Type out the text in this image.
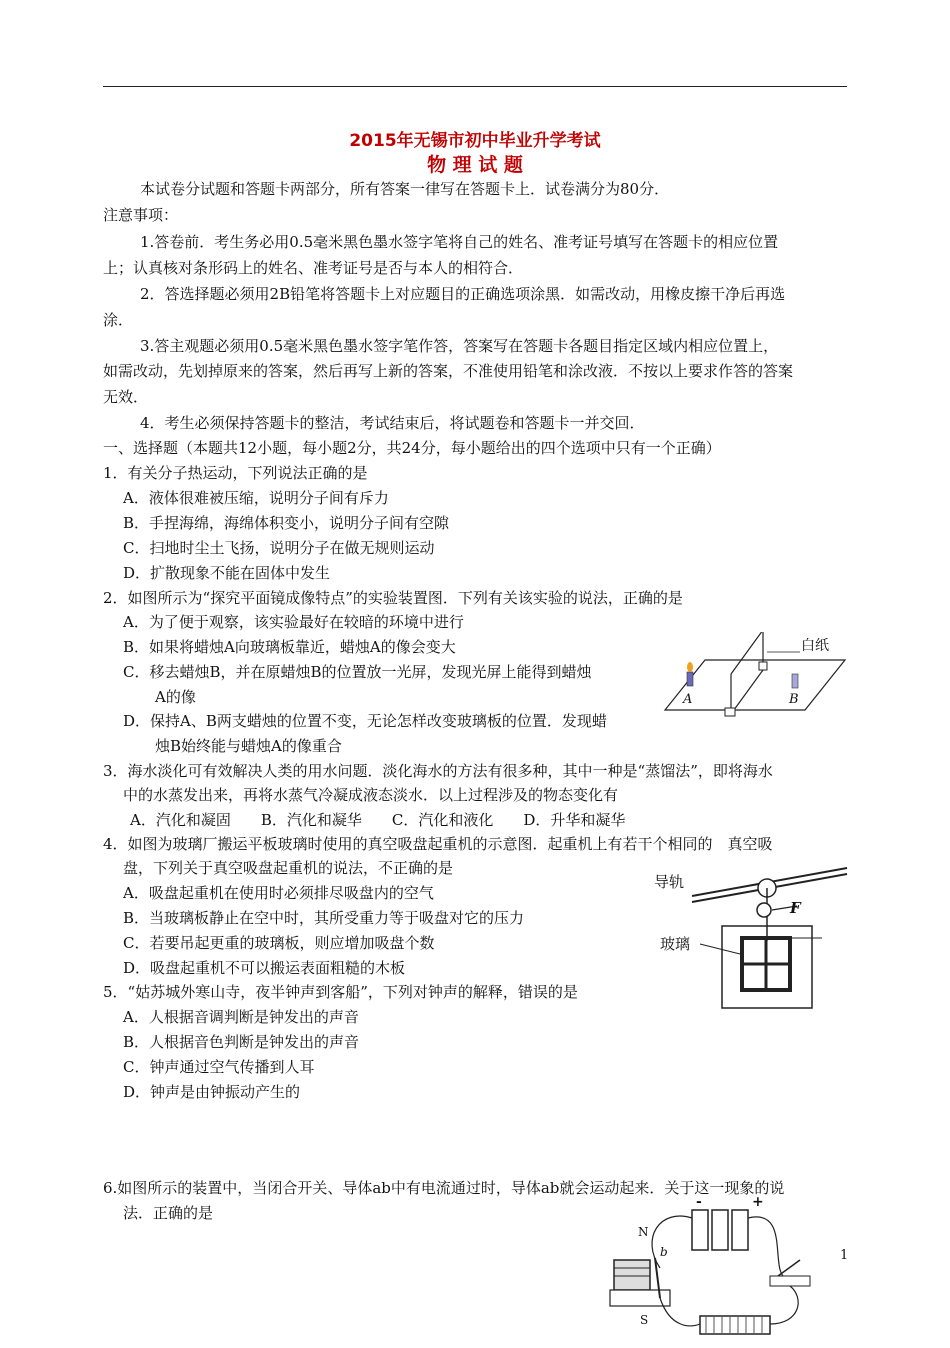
2015年无锡市初中毕业升学考试
物 理 试 题
本试卷分试题和答题卡两部分，所有答案一律写在答题卡上．试卷满分为80分．
注意事项：
1.答卷前．考生务必用0.5毫米黑色墨水签字笔将自己的姓名、准考证号填写在答题卡的相应位置
上；认真核对条形码上的姓名、准考证号是否与本人的相符合．
2．答选择题必须用2B铅笔将答题卡上对应题目的正确选项涂黑．如需改动，用橡皮擦干净后再选
涂．
3.答主观题必须用0.5毫米黑色墨水签字笔作答，答案写在答题卡各题目指定区域内相应位置上，
如需改动，先划掉原来的答案，然后再写上新的答案，不准使用铅笔和涂改液．不按以上要求作答的答案
无效．
4．考生必须保持答题卡的整洁，考试结束后，将试题卷和答题卡一并交回．
一、选择题（本题共12小题，每小题2分，共24分，每小题给出的四个选项中只有一个正确）
1．有关分子热运动，下列说法正确的是
A．液体很难被压缩，说明分子间有斥力
B．手捏海绵，海绵体积变小，说明分子间有空隙
C．扫地时尘土飞扬，说明分子在做无规则运动
D．扩散现象不能在固体中发生
2．如图所示为“探究平面镜成像特点”的实验装置图．下列有关该实验的说法，正确的是
A．为了便于观察，该实验最好在较暗的环境中进行
B．如果将蜡烛A向玻璃板靠近，蜡烛A的像会变大
C．移去蜡烛B，并在原蜡烛B的位置放一光屏，发现光屏上能得到蜡烛
A的像
D．保持A、B两支蜡烛的位置不变，无论怎样改变玻璃板的位置．发现蜡
烛B始终能与蜡烛A的像重合
白纸
A	B
3．海水淡化可有效解决人类的用水问题．淡化海水的方法有很多种，其中一种是“蒸馏法”，即将海水
中的水蒸发出来，再将水蒸气冷凝成液态淡水．以上过程涉及的物态变化有
A．汽化和凝固　　B．汽化和凝华　　C．汽化和液化　　D．升华和凝华
4．如图为玻璃厂搬运平板玻璃时使用的真空吸盘起重机的示意图．起重机上有若干个相同的　真空吸
盘，下列关于真空吸盘起重机的说法，不正确的是
A．吸盘起重机在使用时必须排尽吸盘内的空气
B．当玻璃板静止在空中时，其所受重力等于吸盘对它的压力
C．若要吊起更重的玻璃板，则应增加吸盘个数
D．吸盘起重机不可以搬运表面粗糙的木板
导轨
玻璃
F
5．“姑苏城外寒山寺，夜半钟声到客船”，下列对钟声的解释，错误的是
A．人根据音调判断是钟发出的声音
B．人根据音色判断是钟发出的声音
C．钟声通过空气传播到人耳
D．钟声是由钟振动产生的
6.如图所示的装置中，当闭合开关、导体ab中有电流通过时，导体ab就会运动起来．关于这一现象的说
法．正确的是
N
S
b
-	+
1
